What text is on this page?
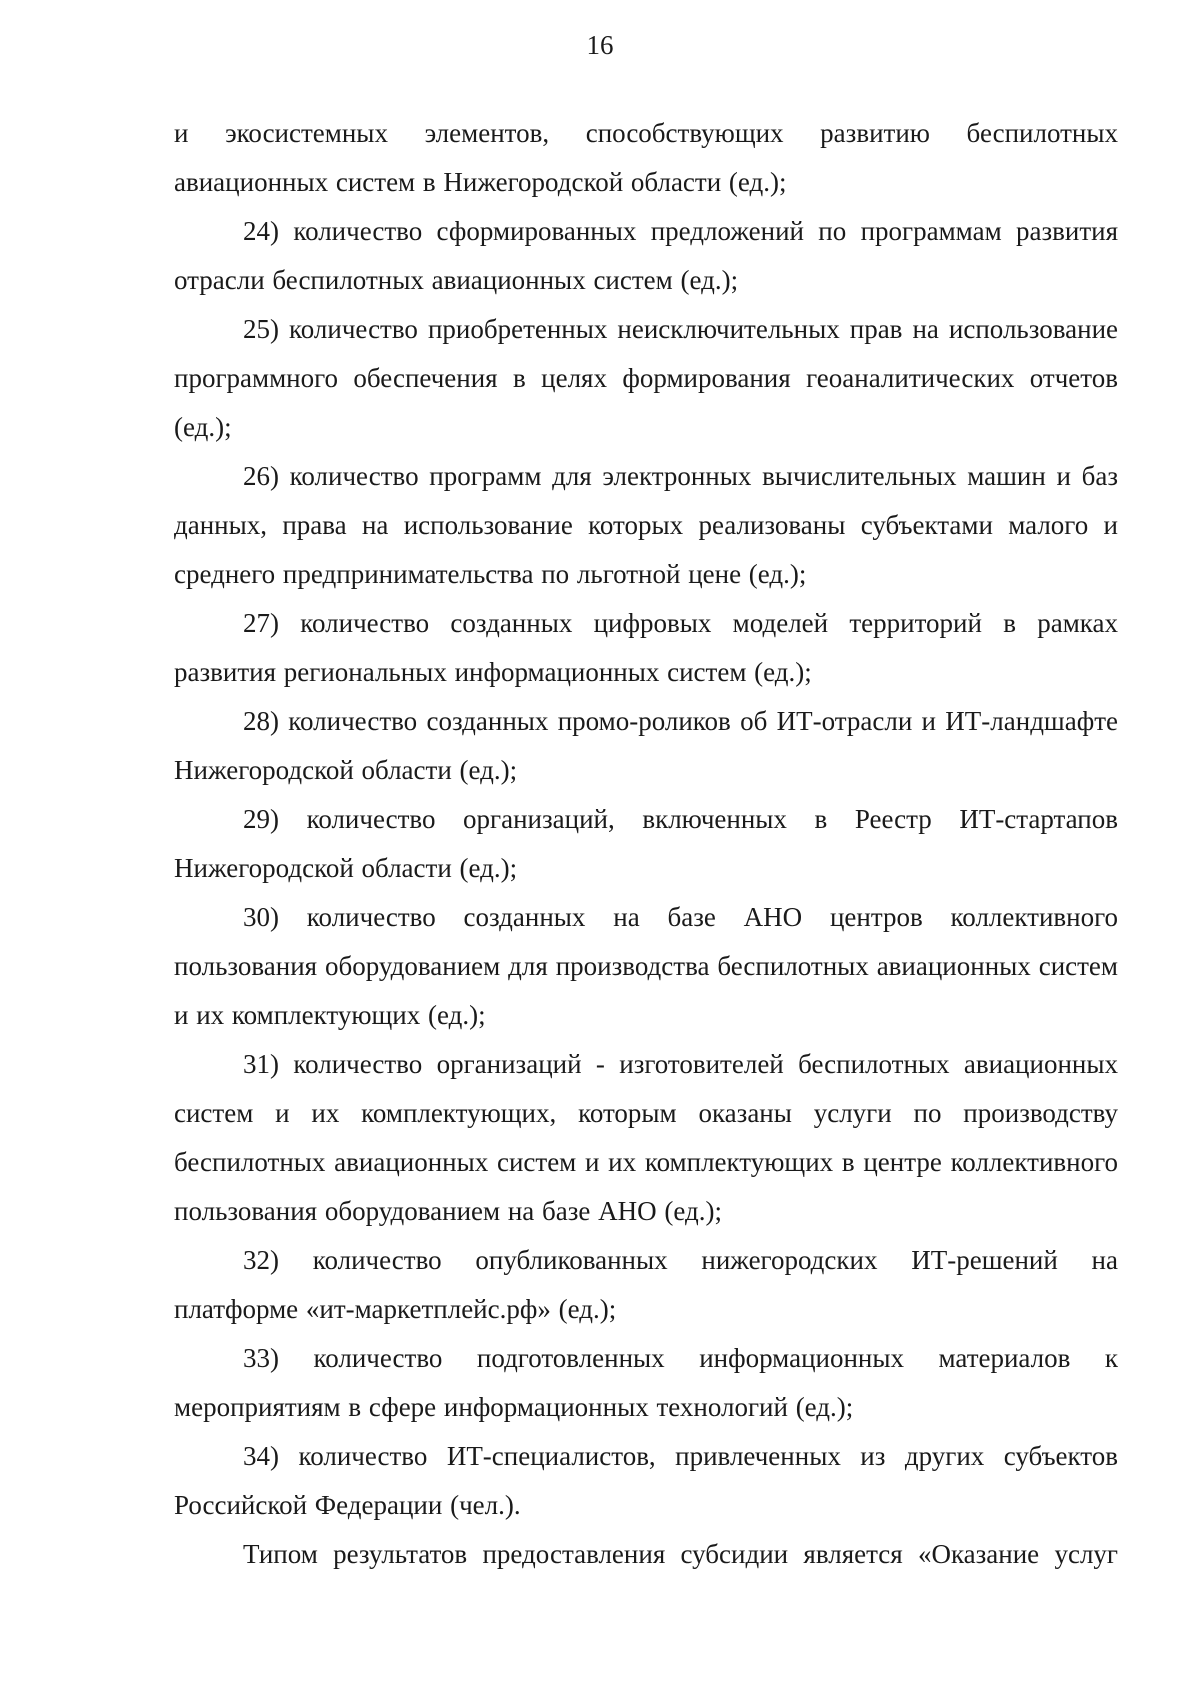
16

и экосистемных элементов, способствующих развитию беспилотных авиационных систем в Нижегородской области (ед.);

24) количество сформированных предложений по программам развития отрасли беспилотных авиационных систем (ед.);

25) количество приобретенных неисключительных прав на использование программного обеспечения в целях формирования геоаналитических отчетов (ед.);

26) количество программ для электронных вычислительных машин и баз данных, права на использование которых реализованы субъектами малого и среднего предпринимательства по льготной цене (ед.);

27) количество созданных цифровых моделей территорий в рамках развития региональных информационных систем (ед.);

28) количество созданных промо-роликов об ИТ-отрасли и ИТ-ландшафте Нижегородской области (ед.);

29) количество организаций, включенных в Реестр ИТ-стартапов Нижегородской области (ед.);

30) количество созданных на базе АНО центров коллективного пользования оборудованием для производства беспилотных авиационных систем и их комплектующих (ед.);

31) количество организаций - изготовителей беспилотных авиационных систем и их комплектующих, которым оказаны услуги по производству беспилотных авиационных систем и их комплектующих в центре коллективного пользования оборудованием на базе АНО (ед.);

32) количество опубликованных нижегородских ИТ-решений на платформе «ит-маркетплейс.рф» (ед.);

33) количество подготовленных информационных материалов к мероприятиям в сфере информационных технологий (ед.);

34) количество ИТ-специалистов, привлеченных из других субъектов Российской Федерации (чел.).

Типом результатов предоставления субсидии является «Оказание услуг
